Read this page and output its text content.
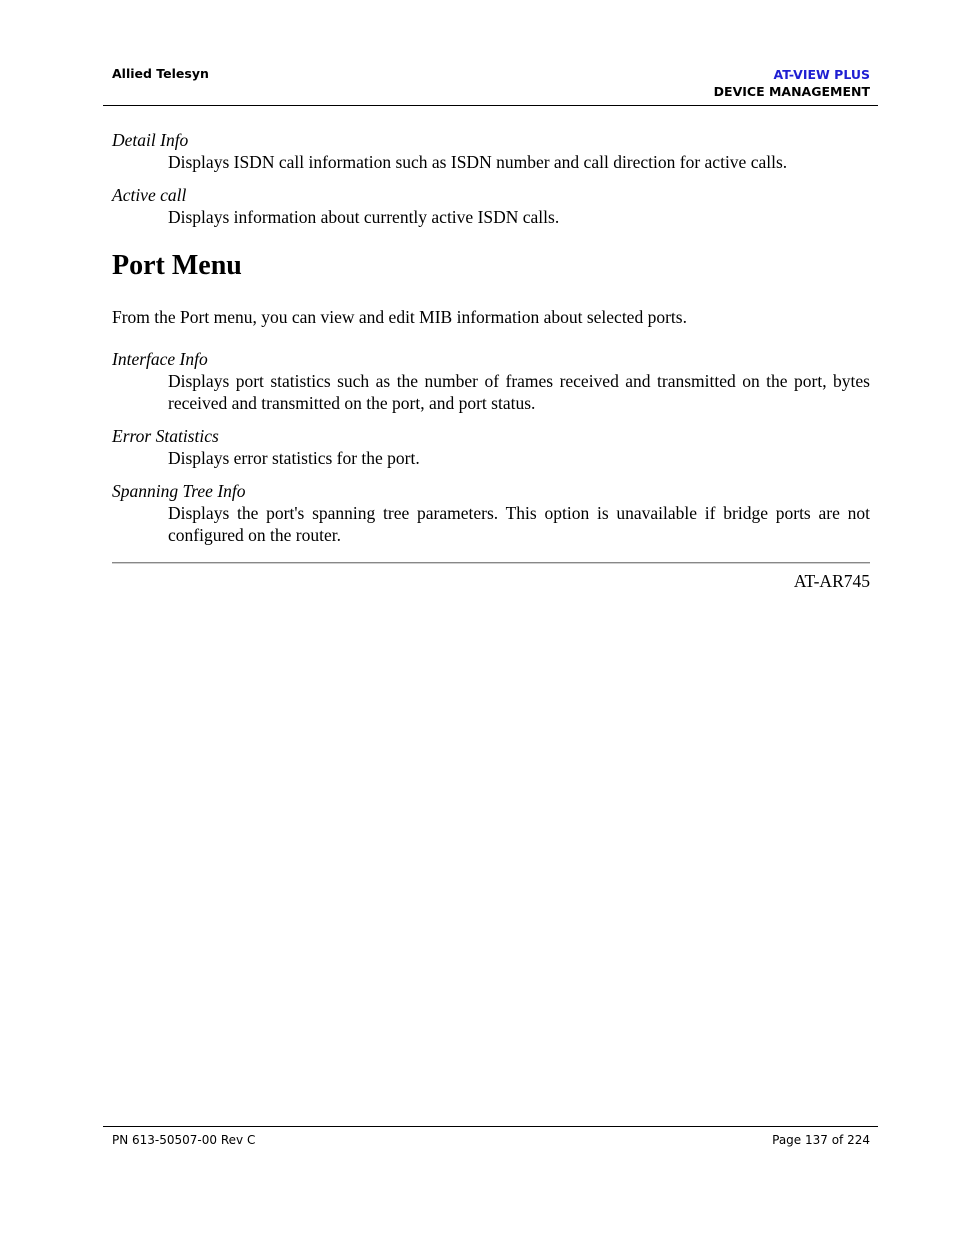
Allied Telesyn	AT-VIEW PLUS
DEVICE MANAGEMENT

Detail Info

Displays ISDN call information such as ISDN number and call direction for active calls.

Active call

Displays information about currently active ISDN calls.

Port Menu

From the Port menu, you can view and edit MIB information about selected ports.

Interface Info

Displays port statistics such as the number of frames received and transmitted on the port, bytes received and transmitted on the port, and port status.

Error Statistics

Displays error statistics for the port.

Spanning Tree Info

Displays the port's spanning tree parameters. This option is unavailable if bridge ports are not configured on the router.

AT-AR745
PN 613-50507-00 Rev C	Page 137 of 224
